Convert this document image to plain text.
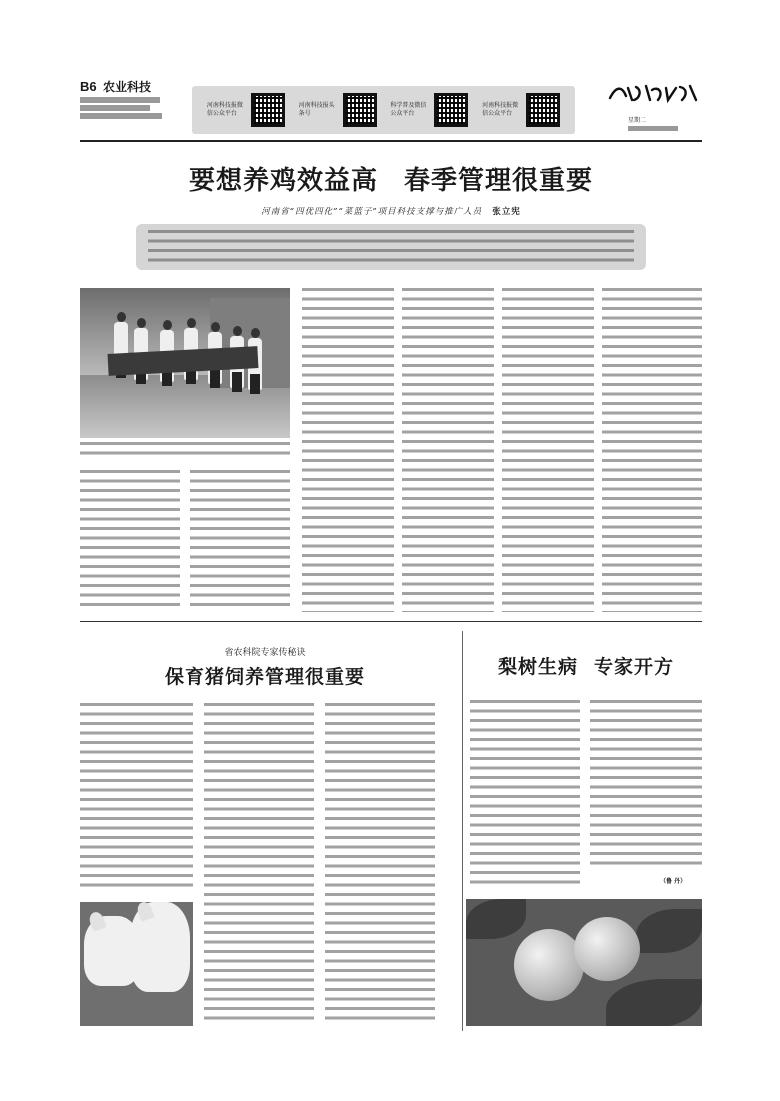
B6 农业科技
河南科技报微信公众平台
河南科技报头条号
科学普及微信公众平台
河南科技报微信公众平台
星期二
要想养鸡效益高 春季管理很重要
河南省“四优四化”“菜篮子”项目科技支撑与推广人员 张立宪
省农科院专家传秘诀
保育猪饲养管理很重要	梨树生病 专家开方
（鲁 丹）
